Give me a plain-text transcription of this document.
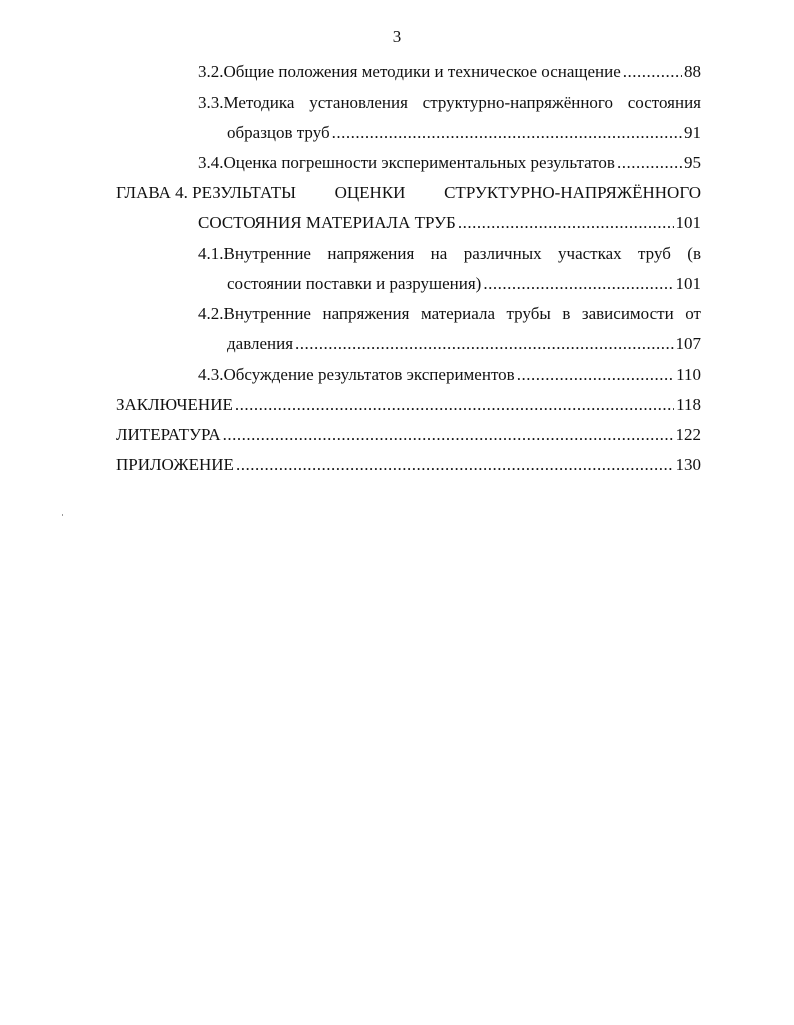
3
3.2. Общие положения методики и техническое оснащение .....	88
3.3.Методика установления структурно-напряжённого состояния
образцов труб .....	91
3.4. Оценка погрешности экспериментальных результатов .....	95
ГЛАВА 4. РЕЗУЛЬТАТЫ ОЦЕНКИ СТРУКТУРНО-НАПРЯЖЁННОГО
СОСТОЯНИЯ МАТЕРИАЛА ТРУБ .....	101
4.1.Внутренние напряжения на различных участках труб (в
состоянии поставки и разрушения) .....	101
4.2.Внутренние напряжения материала трубы в зависимости от
давления .....	107
4.3. Обсуждение результатов экспериментов .....	110
ЗАКЛЮЧЕНИЕ .....	118
ЛИТЕРАТУРА .....	122
ПРИЛОЖЕНИЕ .....	130
